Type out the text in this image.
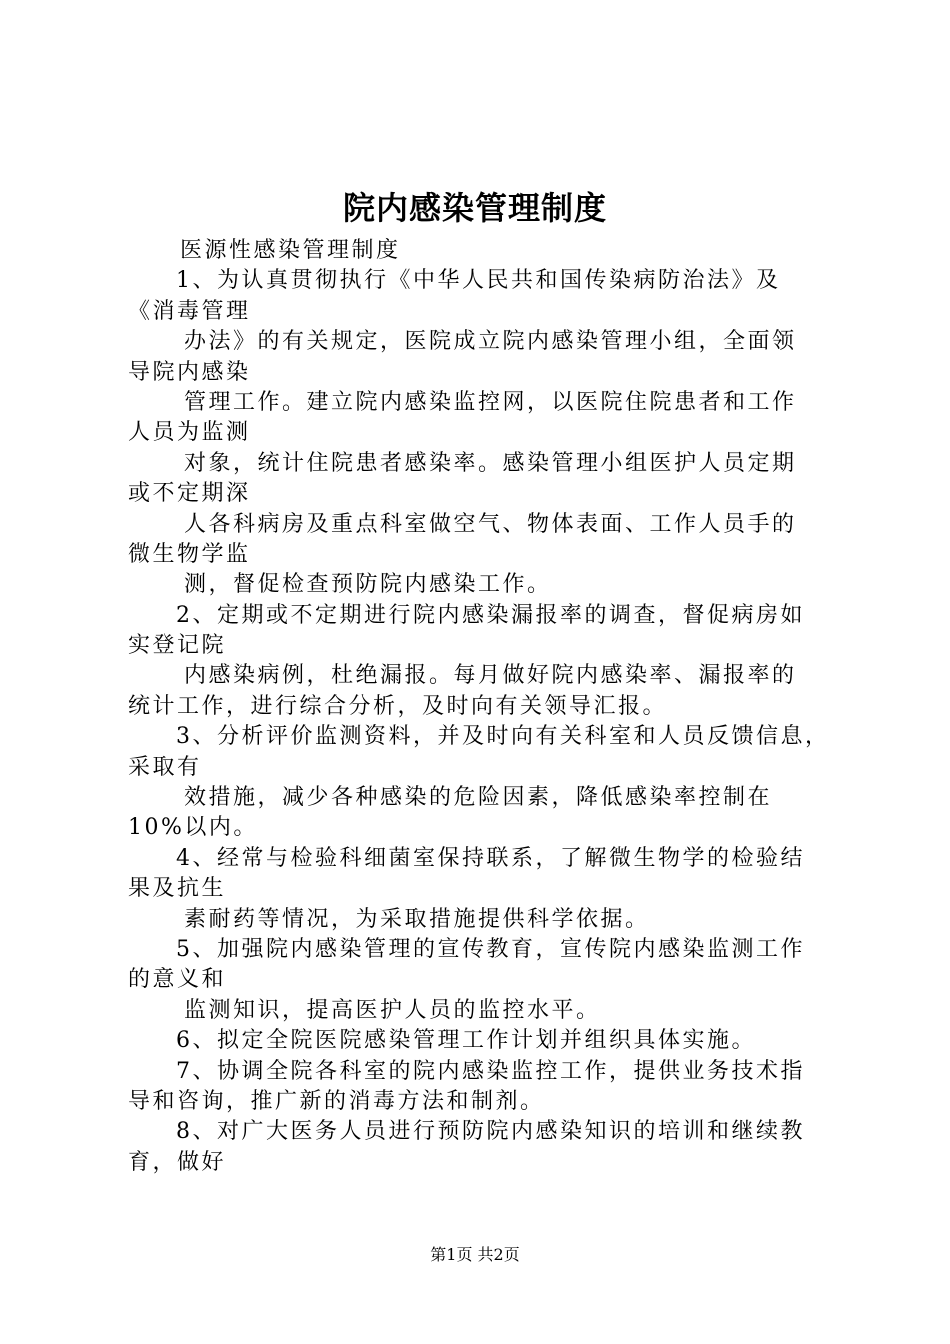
院内感染管理制度
医源性感染管理制度
1、为认真贯彻执行《中华人民共和国传染病防治法》及
《消毒管理
办法》的有关规定，医院成立院内感染管理小组，全面领
导院内感染
管理工作。建立院内感染监控网，以医院住院患者和工作
人员为监测
对象，统计住院患者感染率。感染管理小组医护人员定期
或不定期深
人各科病房及重点科室做空气、物体表面、工作人员手的
微生物学监
测，督促检查预防院内感染工作。
2、定期或不定期进行院内感染漏报率的调查，督促病房如
实登记院
内感染病例，杜绝漏报。每月做好院内感染率、漏报率的
统计工作，进行综合分析，及时向有关领导汇报。
3、分析评价监测资料，并及时向有关科室和人员反馈信息，
采取有
效措施，减少各种感染的危险因素，降低感染率控制在
10%以内。
4、经常与检验科细菌室保持联系，了解微生物学的检验结
果及抗生
素耐药等情况，为采取措施提供科学依据。
5、加强院内感染管理的宣传教育，宣传院内感染监测工作
的意义和
监测知识，提高医护人员的监控水平。
6、拟定全院医院感染管理工作计划并组织具体实施。
7、协调全院各科室的院内感染监控工作，提供业务技术指
导和咨询，推广新的消毒方法和制剂。
8、对广大医务人员进行预防院内感染知识的培训和继续教
育，做好
第1页 共2页
